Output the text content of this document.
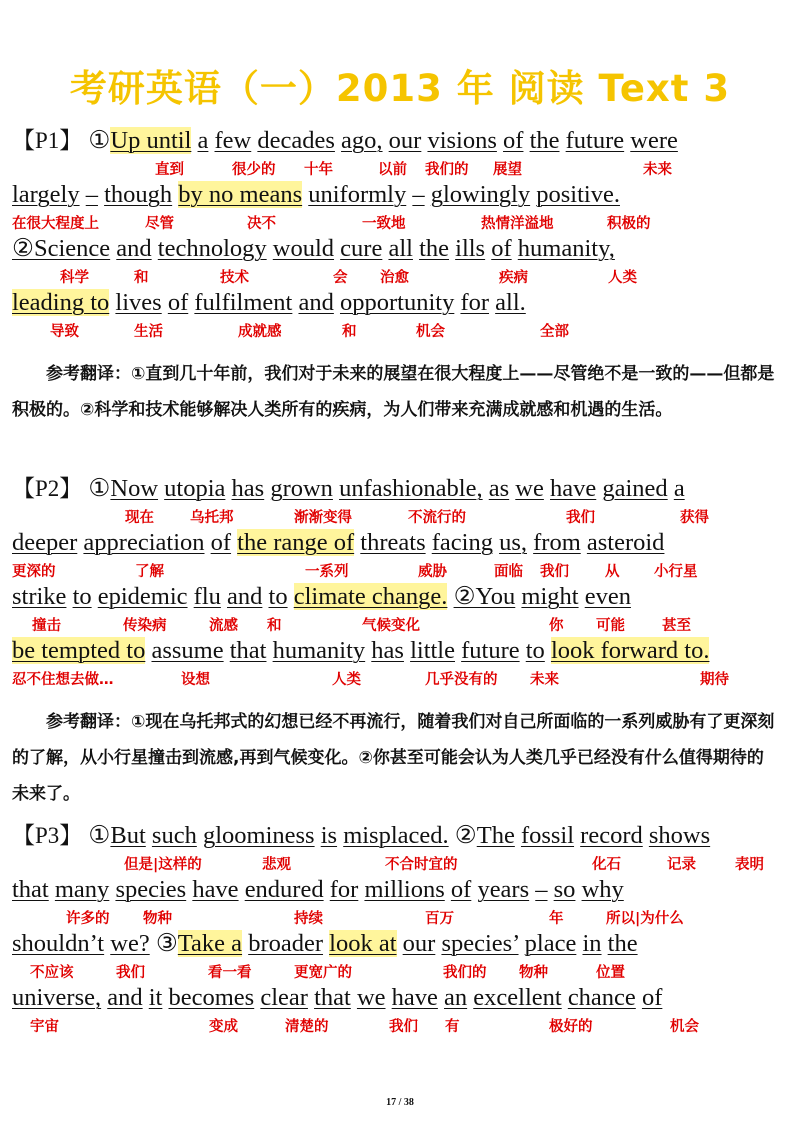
考研英语（一）2013 年 阅读 Text 3
【P1】 ①Up until a few decades ago, our visions of the future were
直到	很少的 十年	以前 我们的 展望	未来
largely – though by no means uniformly – glowingly positive.
在很大程度上	尽管	决不	一致地	热情洋溢地	积极的
②Science and technology would cure all the ills of humanity,
科学	和	技术	会 治愈	疾病	人类
leading to lives of fulfilment and opportunity for all.
导致	生活	成就感	和	机会	全部

参考翻译：①直到几十年前，我们对于未来的展望在很大程度上——尽管绝不是一致的——但都是积极的。②科学和技术能够解决人类所有的疾病，为人们带来充满成就感和机遇的生活。

【P2】 ①Now utopia has grown unfashionable, as we have gained a
现在 乌托邦	渐渐变得	不流行的	我们	获得
deeper appreciation of the range of threats facing us, from asteroid
更深的	了解	一系列	威胁	面临 我们 从 小行星
strike to epidemic flu and to climate change. ②You might even
撞击	传染病	流感 和	气候变化	你 可能	甚至
be tempted to assume that humanity has little future to look forward to.
忍不住想去做…	设想	人类	几乎没有的 未来	期待

参考翻译：①现在乌托邦式的幻想已经不再流行，随着我们对自己所面临的一系列威胁有了更深刻的了解，从小行星撞击到流感,再到气候变化。②你甚至可能会认为人类几乎已经没有什么值得期待的未来了。

【P3】 ①But such gloominess is misplaced. ②The fossil record shows
但是|这样的	悲观	不合时宜的	化石	记录	表明
that many species have endured for millions of years – so why
许多的 物种	持续	百万	年	所以|为什么
shouldn’t we? ③Take a broader look at our species’ place in the
不应该	我们	看一看	更宽广的	我们的 物种	位置
universe, and it becomes clear that we have an excellent chance of
宇宙	变成	清楚的	我们 有	极好的	机会
17 / 38
